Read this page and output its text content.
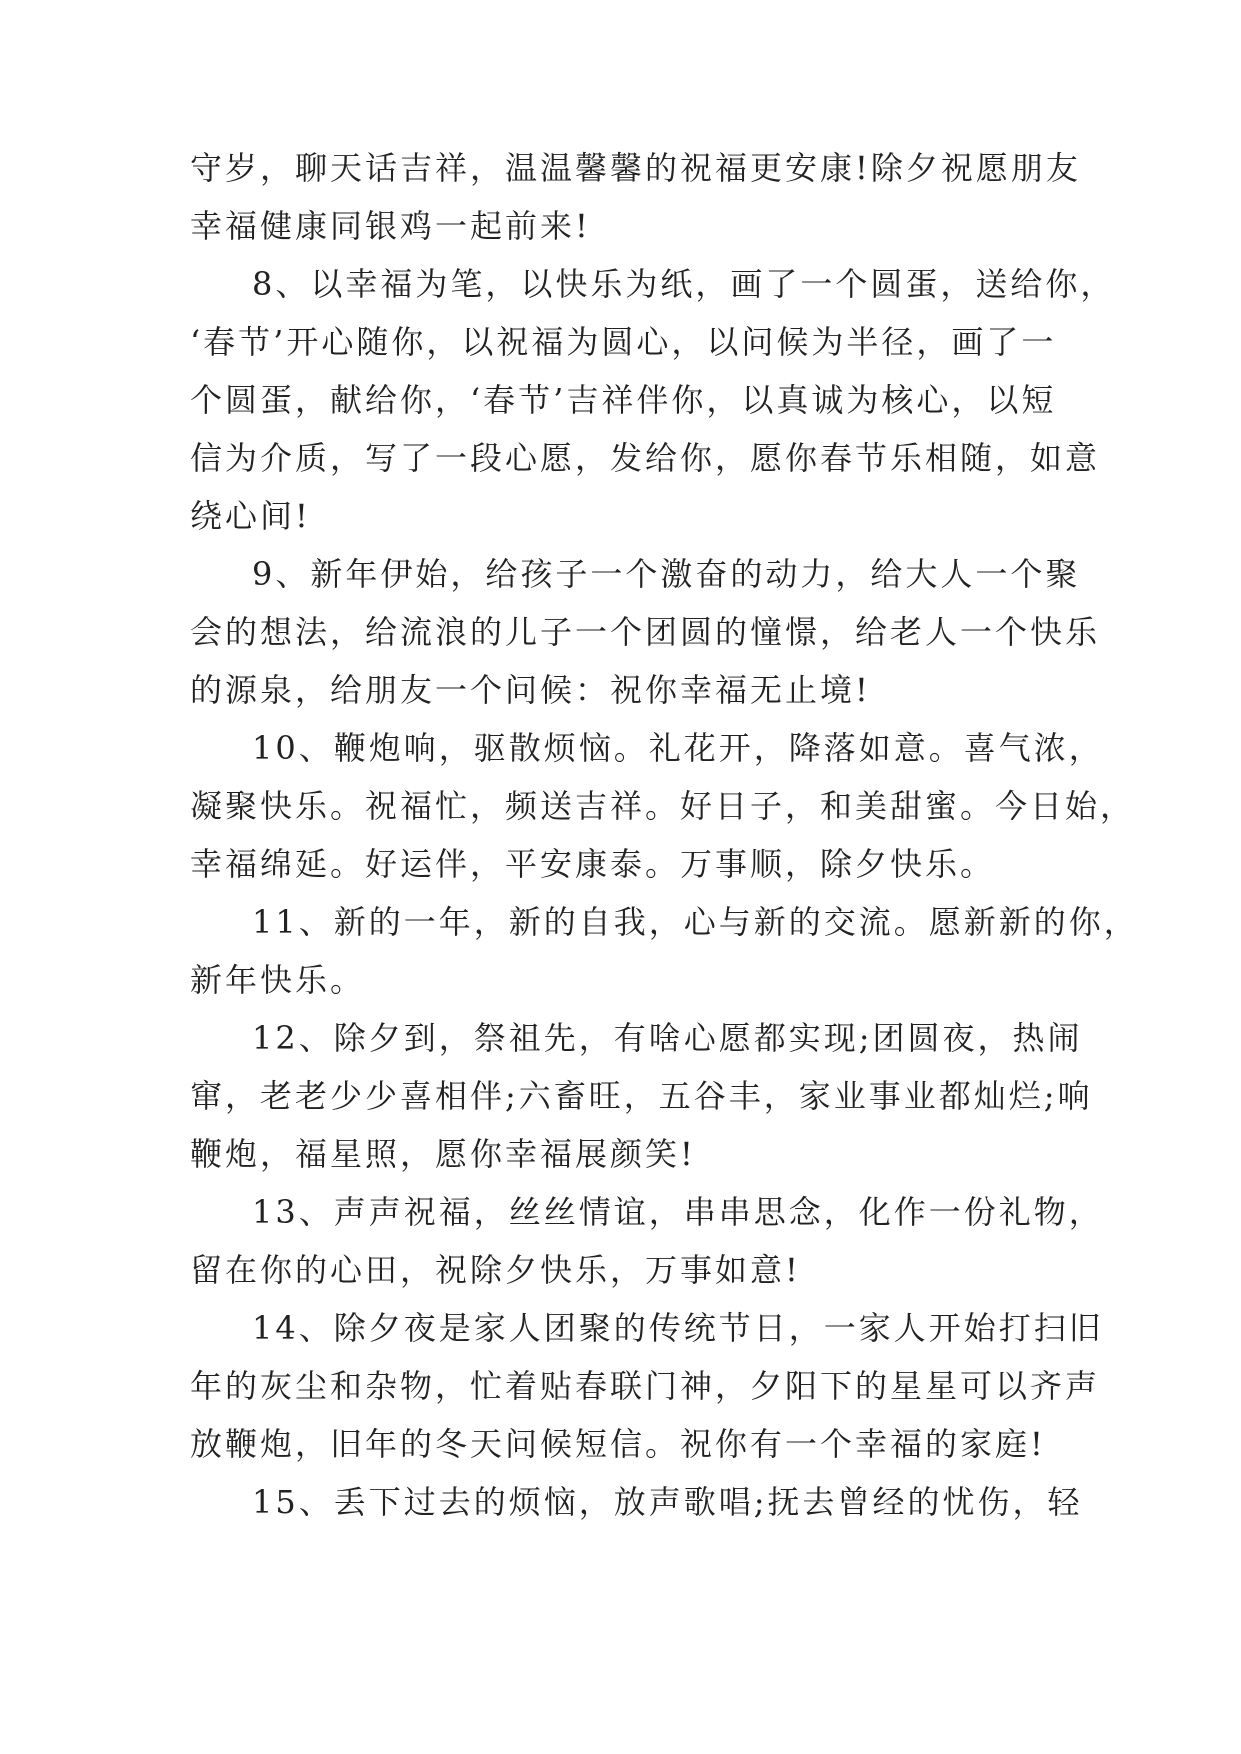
守岁，聊天话吉祥，温温馨馨的祝福更安康!除夕祝愿朋友
幸福健康同银鸡一起前来!
8、以幸福为笔，以快乐为纸，画了一个圆蛋，送给你，
‘春节’开心随你，以祝福为圆心，以问候为半径，画了一
个圆蛋，献给你，‘春节’吉祥伴你，以真诚为核心，以短
信为介质，写了一段心愿，发给你，愿你春节乐相随，如意
绕心间!
9、新年伊始，给孩子一个激奋的动力，给大人一个聚
会的想法，给流浪的儿子一个团圆的憧憬，给老人一个快乐
的源泉，给朋友一个问候：祝你幸福无止境!
10、鞭炮响，驱散烦恼。礼花开，降落如意。喜气浓，
凝聚快乐。祝福忙，频送吉祥。好日子，和美甜蜜。今日始，
幸福绵延。好运伴，平安康泰。万事顺，除夕快乐。
11、新的一年，新的自我，心与新的交流。愿新新的你，
新年快乐。
12、除夕到，祭祖先，有啥心愿都实现;团圆夜，热闹
窜，老老少少喜相伴;六畜旺，五谷丰，家业事业都灿烂;响
鞭炮，福星照，愿你幸福展颜笑!
13、声声祝福，丝丝情谊，串串思念，化作一份礼物，
留在你的心田，祝除夕快乐，万事如意!
14、除夕夜是家人团聚的传统节日，一家人开始打扫旧
年的灰尘和杂物，忙着贴春联门神，夕阳下的星星可以齐声
放鞭炮，旧年的冬天问候短信。祝你有一个幸福的家庭!
15、丢下过去的烦恼，放声歌唱;抚去曾经的忧伤，轻
